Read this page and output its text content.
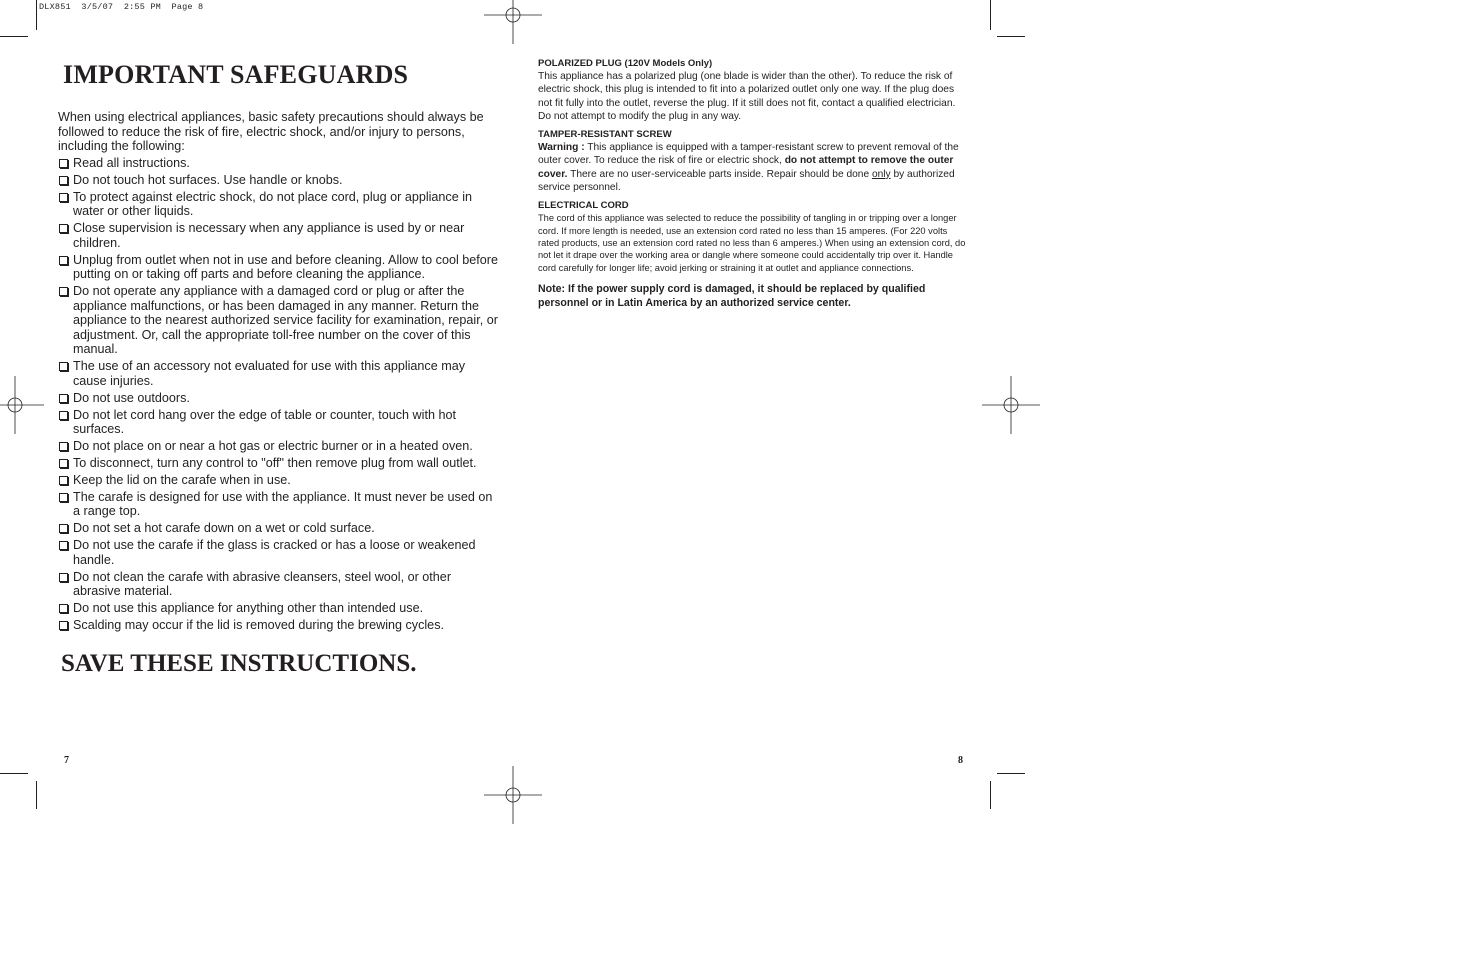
DLX851  3/5/07  2:55 PM  Page 8
IMPORTANT SAFEGUARDS

When using electrical appliances, basic safety precautions should always be followed to reduce the risk of fire, electric shock, and/or injury to persons, including the following:

Read all instructions.
Do not touch hot surfaces. Use handle or knobs.
To protect against electric shock, do not place cord, plug or appliance in water or other liquids.
Close supervision is necessary when any appliance is used by or near children.
Unplug from outlet when not in use and before cleaning. Allow to cool before putting on or taking off parts and before cleaning the appliance.
Do not operate any appliance with a damaged cord or plug or after the appliance malfunctions, or has been damaged in any manner. Return the appliance to the nearest authorized service facility for examination, repair, or adjustment. Or, call the appropriate toll-free number on the cover of this manual.
The use of an accessory not evaluated for use with this appliance may cause injuries.
Do not use outdoors.
Do not let cord hang over the edge of table or counter, touch with hot surfaces.
Do not place on or near a hot gas or electric burner or in a heated oven.
To disconnect, turn any control to "off" then remove plug from wall outlet.
Keep the lid on the carafe when in use.
The carafe is designed for use with the appliance. It must never be used on a range top.
Do not set a hot carafe down on a wet or cold surface.
Do not use the carafe if the glass is cracked or has a loose or weakened handle.
Do not clean the carafe with abrasive cleansers, steel wool, or other abrasive material.
Do not use this appliance for anything other than intended use.
Scalding may occur if the lid is removed during the brewing cycles.
SAVE THESE INSTRUCTIONS.
7

POLARIZED PLUG (120V Models Only)

This appliance has a polarized plug (one blade is wider than the other). To reduce the risk of electric shock, this plug is intended to fit into a polarized outlet only one way. If the plug does not fit fully into the outlet, reverse the plug. If it still does not fit, contact a qualified electrician. Do not attempt to modify the plug in any way.

TAMPER-RESISTANT SCREW

Warning : This appliance is equipped with a tamper-resistant screw to prevent removal of the outer cover. To reduce the risk of fire or electric shock, do not attempt to remove the outer cover. There are no user-serviceable parts inside. Repair should be done only by authorized service personnel.

ELECTRICAL CORD

The cord of this appliance was selected to reduce the possibility of tangling in or tripping over a longer cord. If more length is needed, use an extension cord rated no less than 15 amperes. (For 220 volts rated products, use an extension cord rated no less than 6 amperes.) When using an extension cord, do not let it drape over the working area or dangle where someone could accidentally trip over it. Handle cord carefully for longer life; avoid jerking or straining it at outlet and appliance connections.

Note: If the power supply cord is damaged, it should be replaced by qualified personnel or in Latin America by an authorized service center.

8
